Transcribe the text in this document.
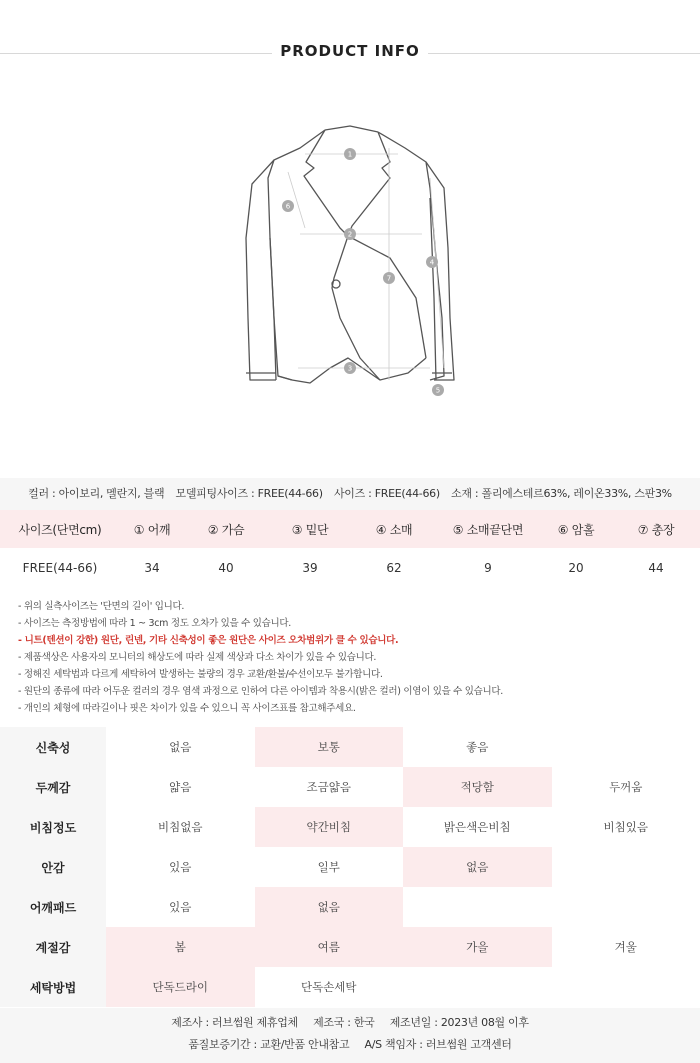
PRODUCT INFO
1
2
3
4
5
6
7
컬러 : 아이보리, 멜란지, 블랙 모델피팅사이즈 : FREE(44-66) 사이즈 : FREE(44-66) 소재 : 폴리에스테르63%, 레이온33%, 스판3%
사이즈(단면cm)	① 어깨	② 가슴	③ 밑단	④ 소매	⑤ 소매끝단면	⑥ 암홀	⑦ 총장
FREE(44-66)	34	40	39	62	9	20	44
- 위의 실측사이즈는 '단면의 길이' 입니다.
- 사이즈는 측정방법에 따라 1 ~ 3cm 정도 오차가 있을 수 있습니다.
- 니트(텐션이 강한) 원단, 린넨, 기타 신축성이 좋은 원단은 사이즈 오차범위가 클 수 있습니다.
- 제품색상은 사용자의 모니터의 해상도에 따라 실제 색상과 다소 차이가 있을 수 있습니다.
- 정해진 세탁법과 다르게 세탁하여 발생하는 불량의 경우 교환/환불/수선이모두 불가합니다.
- 원단의 종류에 따라 어두운 컬러의 경우 염색 과정으로 인하여 다른 아이템과 착용시(밝은 컬러) 이염이 있을 수 있습니다.
- 개인의 체형에 따라길이나 핏은 차이가 있을 수 있으니 꼭 사이즈표를 참고해주세요.
신축성	없음	보통	좋음
두께감	얇음	조금얇음	적당함	두꺼움
비침정도	비침없음	약간비침	밝은색은비침	비침있음
안감	있음	일부	없음
어깨패드	있음	없음
계절감	봄	여름	가을	겨울
세탁방법	단독드라이	단독손세탁
제조사 : 러브썸원 제휴업체 제조국 : 한국 제조년일 : 2023년 08월 이후
품질보증기간 : 교환/반품 안내참고 A/S 책임자 : 러브썸원 고객센터
